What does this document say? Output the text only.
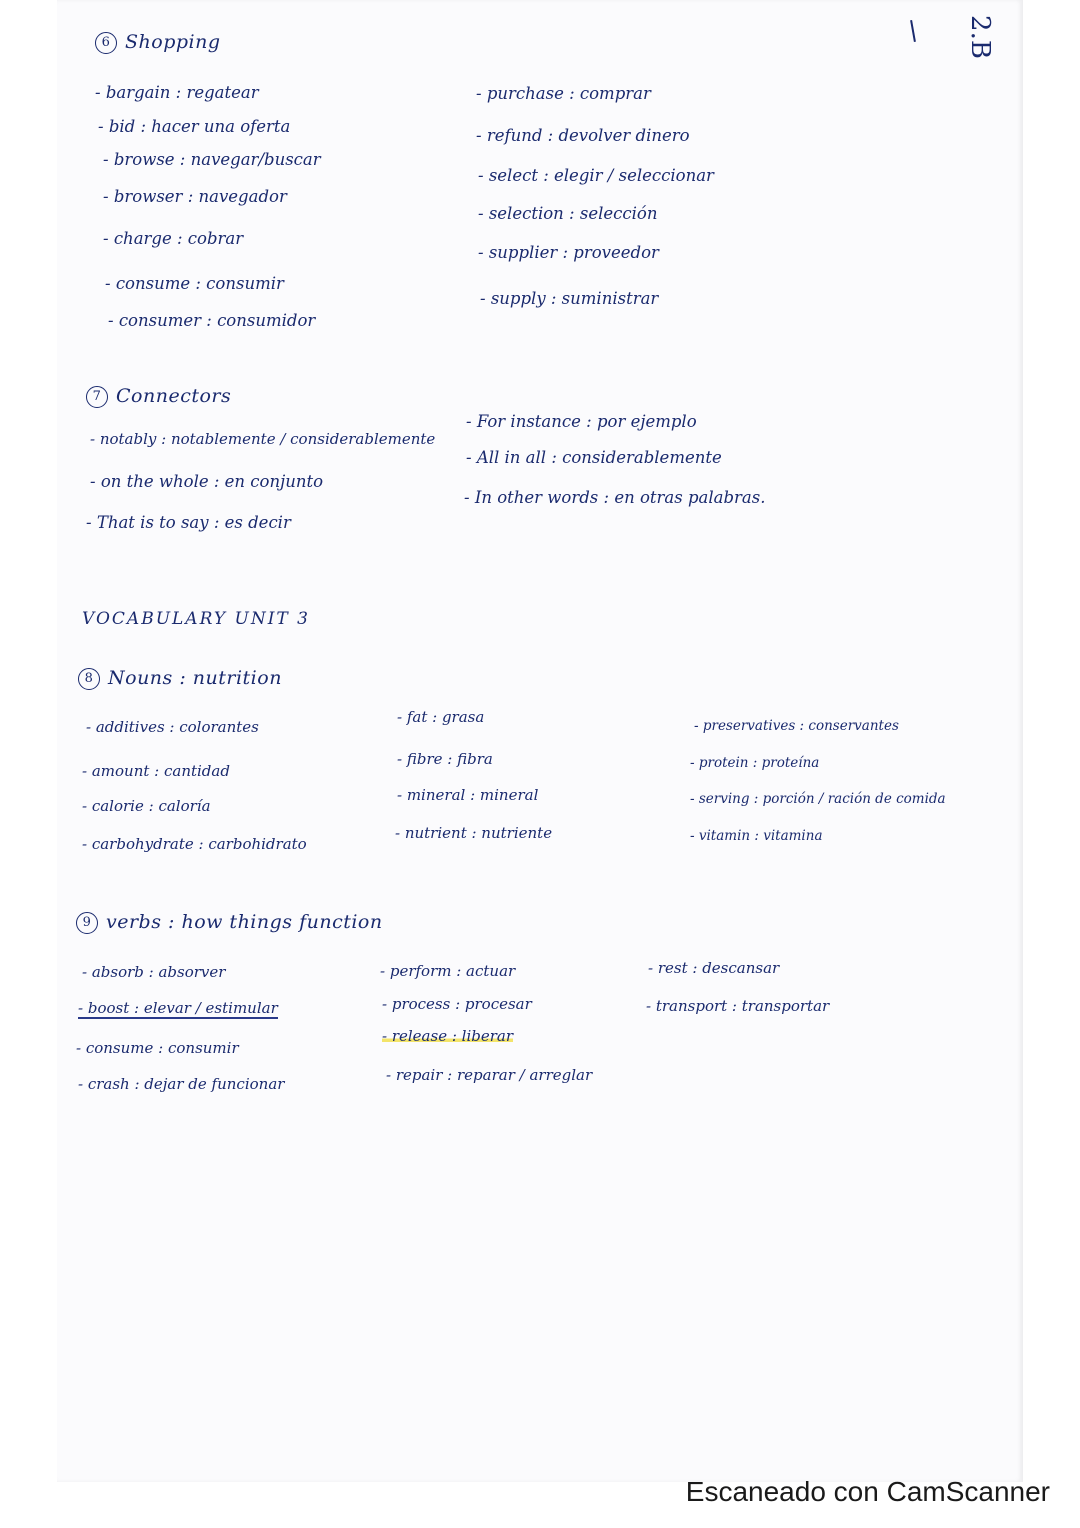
2.B
6 Shopping
- bargain : regatear
- bid : hacer una oferta
- browse : navegar/buscar
- browser : navegador
- charge : cobrar
- consume : consumir
- consumer : consumidor
- purchase : comprar
- refund : devolver dinero
- select : elegir / seleccionar
- selection : selección
- supplier : proveedor
- supply : suministrar
7 Connectors
- notably : notablemente / considerablemente
- on the whole : en conjunto
- That is to say : es decir
- For instance : por ejemplo
- All in all : considerablemente
- In other words : en otras palabras.
VOCABULARY UNIT 3
8 Nouns : nutrition
- additives : colorantes
- amount : cantidad
- calorie : caloría
- carbohydrate : carbohidrato
- fat : grasa
- fibre : fibra
- mineral : mineral
- nutrient : nutriente
- preservatives : conservantes
- protein : proteína
- serving : porción / ración de comida
- vitamin : vitamina
9 verbs : how things function
- absorb : absorver
- boost : elevar / estimular
- consume : consumir
- crash : dejar de funcionar
- perform : actuar
- process : procesar
- release : liberar
- repair : reparar / arreglar
- rest : descansar
- transport : transportar
Escaneado con CamScanner
